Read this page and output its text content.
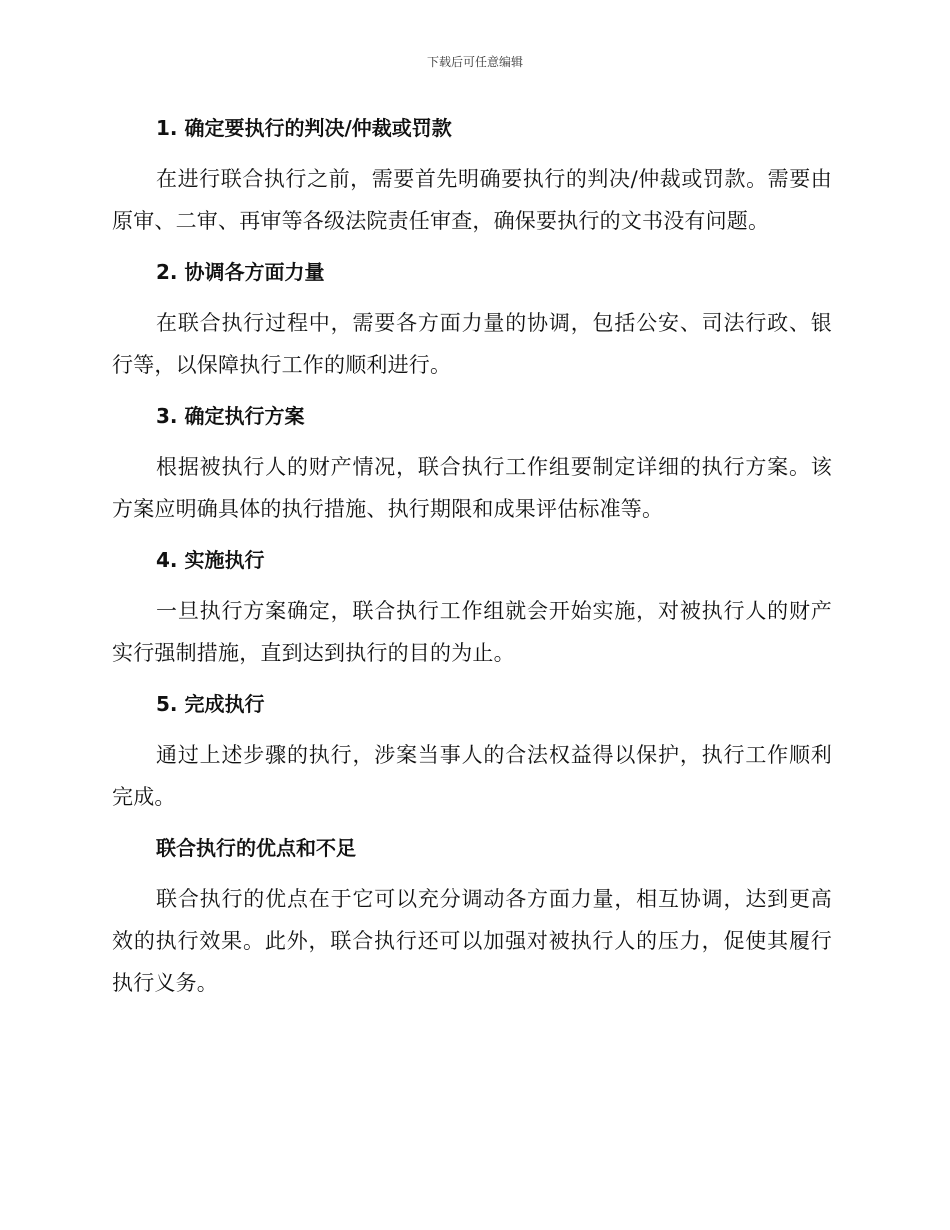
下载后可任意编辑
1. 确定要执行的判决/仲裁或罚款

在进行联合执行之前，需要首先明确要执行的判决/仲裁或罚款。需要由原审、二审、再审等各级法院责任审查，确保要执行的文书没有问题。

2. 协调各方面力量

在联合执行过程中，需要各方面力量的协调，包括公安、司法行政、银行等，以保障执行工作的顺利进行。

3. 确定执行方案

根据被执行人的财产情况，联合执行工作组要制定详细的执行方案。该方案应明确具体的执行措施、执行期限和成果评估标准等。

4. 实施执行

一旦执行方案确定，联合执行工作组就会开始实施，对被执行人的财产实行强制措施，直到达到执行的目的为止。

5. 完成执行

通过上述步骤的执行，涉案当事人的合法权益得以保护，执行工作顺利完成。

联合执行的优点和不足

联合执行的优点在于它可以充分调动各方面力量，相互协调，达到更高效的执行效果。此外，联合执行还可以加强对被执行人的压力，促使其履行执行义务。
